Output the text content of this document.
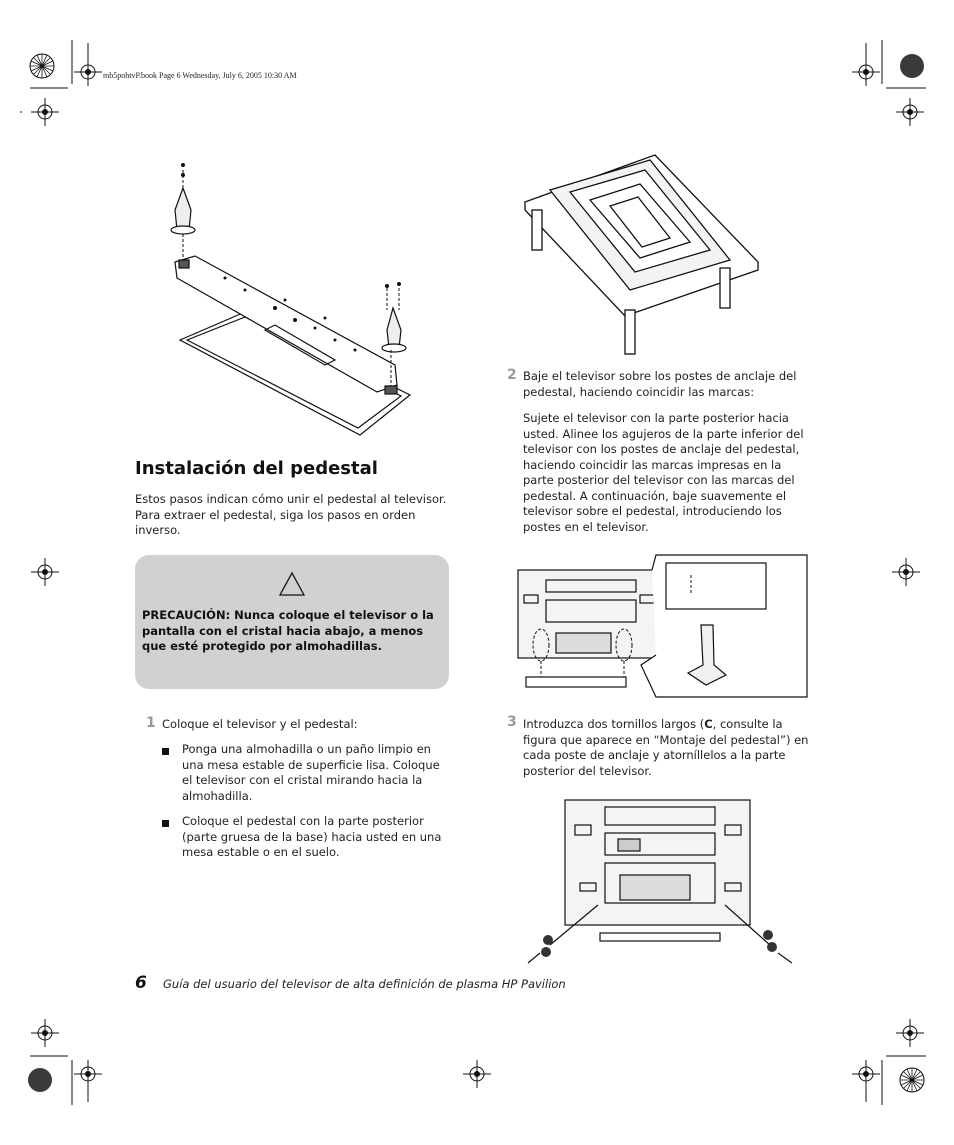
mb5pohtvP.book Page 6 Wednesday, July 6, 2005 10:30 AM
Instalación del pedestal
Estos pasos indican cómo unir el pedestal al televisor. Para extraer el pedestal, siga los pasos en orden inverso.
PRECAUCIÓN: Nunca coloque el televisor o la pantalla con el cristal hacia abajo, a menos que esté protegido por almohadillas.
1 Coloque el televisor y el pedestal:
Ponga una almohadilla o un paño limpio en una mesa estable de superficie lisa. Coloque el televisor con el cristal mirando hacia la almohadilla.
Coloque el pedestal con la parte posterior (parte gruesa de la base) hacia usted en una mesa estable o en el suelo.
2 Baje el televisor sobre los postes de anclaje del pedestal, haciendo coincidir las marcas:
Sujete el televisor con la parte posterior hacia usted. Alinee los agujeros de la parte inferior del televisor con los postes de anclaje del pedestal, haciendo coincidir las marcas impresas en la parte posterior del televisor con las marcas del pedestal. A continuación, baje suavemente el televisor sobre el pedestal, introduciendo los postes en el televisor.
3 Introduzca dos tornillos largos (C, consulte la figura que aparece en “Montaje del pedestal”) en cada poste de anclaje y atorníllelos a la parte posterior del televisor.
6 Guía del usuario del televisor de alta definición de plasma HP Pavilion
